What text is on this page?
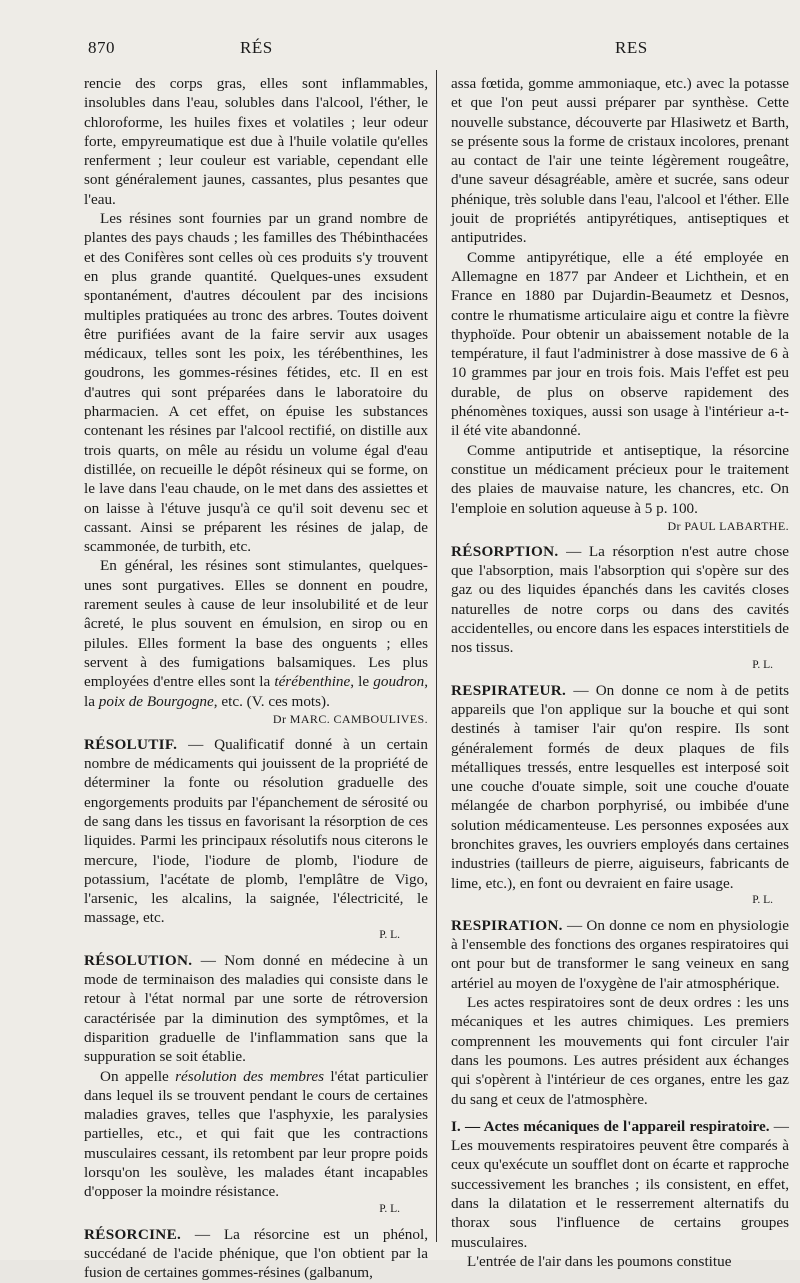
870	RÉS	RES

rencie des corps gras, elles sont inflammables, insolubles dans l'eau, solubles dans l'alcool, l'éther, le chloroforme, les huiles fixes et volatiles ; leur odeur forte, empyreumatique est due à l'huile volatile qu'elles renferment ; leur couleur est variable, cependant elle sont généralement jaunes, cassantes, plus pesantes que l'eau.

Les résines sont fournies par un grand nombre de plantes des pays chauds ; les familles des Thébinthacées et des Conifères sont celles où ces produits s'y trouvent en plus grande quantité. Quelques-unes exsudent spontanément, d'autres découlent par des incisions multiples pratiquées au tronc des arbres. Toutes doivent être purifiées avant de la faire servir aux usages médicaux, telles sont les poix, les térébenthines, les goudrons, les gommes-résines fétides, etc. Il en est d'autres qui sont préparées dans le laboratoire du pharmacien. A cet effet, on épuise les substances contenant les résines par l'alcool rectifié, on distille aux trois quarts, on mêle au résidu un volume égal d'eau distillée, on recueille le dépôt résineux qui se forme, on le lave dans l'eau chaude, on le met dans des assiettes et on laisse à l'étuve jusqu'à ce qu'il soit devenu sec et cassant. Ainsi se préparent les résines de jalap, de scammonée, de turbith, etc.

En général, les résines sont stimulantes, quelques-unes sont purgatives. Elles se donnent en poudre, rarement seules à cause de leur insolubilité et de leur âcreté, le plus souvent en émulsion, en sirop ou en pilules. Elles forment la base des onguents ; elles servent à des fumigations balsamiques. Les plus employées d'entre elles sont la térébenthine, le goudron, la poix de Bourgogne, etc. (V. ces mots).

Dr MARC. CAMBOULIVES.

RÉSOLUTIF. — Qualificatif donné à un certain nombre de médicaments qui jouissent de la propriété de déterminer la fonte ou résolution graduelle des engorgements produits par l'épanchement de sérosité ou de sang dans les tissus en favorisant la résorption de ces liquides. Parmi les principaux résolutifs nous citerons le mercure, l'iode, l'iodure de plomb, l'iodure de potassium, l'acétate de plomb, l'emplâtre de Vigo, l'arsenic, les alcalins, la saignée, l'électricité, le massage, etc.

P. L.

RÉSOLUTION. — Nom donné en médecine à un mode de terminaison des maladies qui consiste dans le retour à l'état normal par une sorte de rétroversion caractérisée par la diminution des symptômes, et la disparition graduelle de l'inflammation sans que la suppuration se soit établie.

On appelle résolution des membres l'état particulier dans lequel ils se trouvent pendant le cours de certaines maladies graves, telles que l'asphyxie, les paralysies partielles, etc., et qui fait que les contractions musculaires cessant, ils retombent par leur propre poids lorsqu'on les soulève, les malades étant incapables d'opposer la moindre résistance.

P. L.

RÉSORCINE. — La résorcine est un phénol, succédané de l'acide phénique, que l'on obtient par la fusion de certaines gommes-résines (galbanum,

assa fœtida, gomme ammoniaque, etc.) avec la potasse et que l'on peut aussi préparer par synthèse. Cette nouvelle substance, découverte par Hlasiwetz et Barth, se présente sous la forme de cristaux incolores, prenant au contact de l'air une teinte légèrement rougeâtre, d'une saveur désagréable, amère et sucrée, sans odeur phénique, très soluble dans l'eau, l'alcool et l'éther. Elle jouit de propriétés antipyrétiques, antiseptiques et antiputrides.

Comme antipyrétique, elle a été employée en Allemagne en 1877 par Andeer et Lichthein, et en France en 1880 par Dujardin-Beaumetz et Desnos, contre le rhumatisme articulaire aigu et contre la fièvre thyphoïde. Pour obtenir un abaissement notable de la température, il faut l'administrer à dose massive de 6 à 10 grammes par jour en trois fois. Mais l'effet est peu durable, de plus on observe rapidement des phénomènes toxiques, aussi son usage à l'intérieur a-t-il été vite abandonné.

Comme antiputride et antiseptique, la résorcine constitue un médicament précieux pour le traitement des plaies de mauvaise nature, les chancres, etc. On l'emploie en solution aqueuse à 5 p. 100.

Dr PAUL LABARTHE.

RÉSORPTION. — La résorption n'est autre chose que l'absorption, mais l'absorption qui s'opère sur des gaz ou des liquides épanchés dans les cavités closes naturelles de notre corps ou dans des cavités accidentelles, ou encore dans les espaces interstitiels de nos tissus.

P. L.

RESPIRATEUR. — On donne ce nom à de petits appareils que l'on applique sur la bouche et qui sont destinés à tamiser l'air qu'on respire. Ils sont généralement formés de deux plaques de fils métalliques tressés, entre lesquelles est interposé soit une couche d'ouate simple, soit une couche d'ouate mélangée de charbon porphyrisé, ou imbibée d'une solution médicamenteuse. Les personnes exposées aux bronchites graves, les ouvriers employés dans certaines industries (tailleurs de pierre, aiguiseurs, fabricants de lime, etc.), en font ou devraient en faire usage.

P. L.

RESPIRATION. — On donne ce nom en physiologie à l'ensemble des fonctions des organes respiratoires qui ont pour but de transformer le sang veineux en sang artériel au moyen de l'oxygène de l'air atmosphérique.

Les actes respiratoires sont de deux ordres : les uns mécaniques et les autres chimiques. Les premiers comprennent les mouvements qui font circuler l'air dans les poumons. Les autres président aux échanges qui s'opèrent à l'intérieur de ces organes, entre les gaz du sang et ceux de l'atmosphère.

I. — Actes mécaniques de l'appareil respiratoire. — Les mouvements respiratoires peuvent être comparés à ceux qu'exécute un soufflet dont on écarte et rapproche successivement les branches ; ils consistent, en effet, dans la dilatation et le resserrement alternatifs du thorax sous l'influence de certains groupes musculaires.

L'entrée de l'air dans les poumons constitue
